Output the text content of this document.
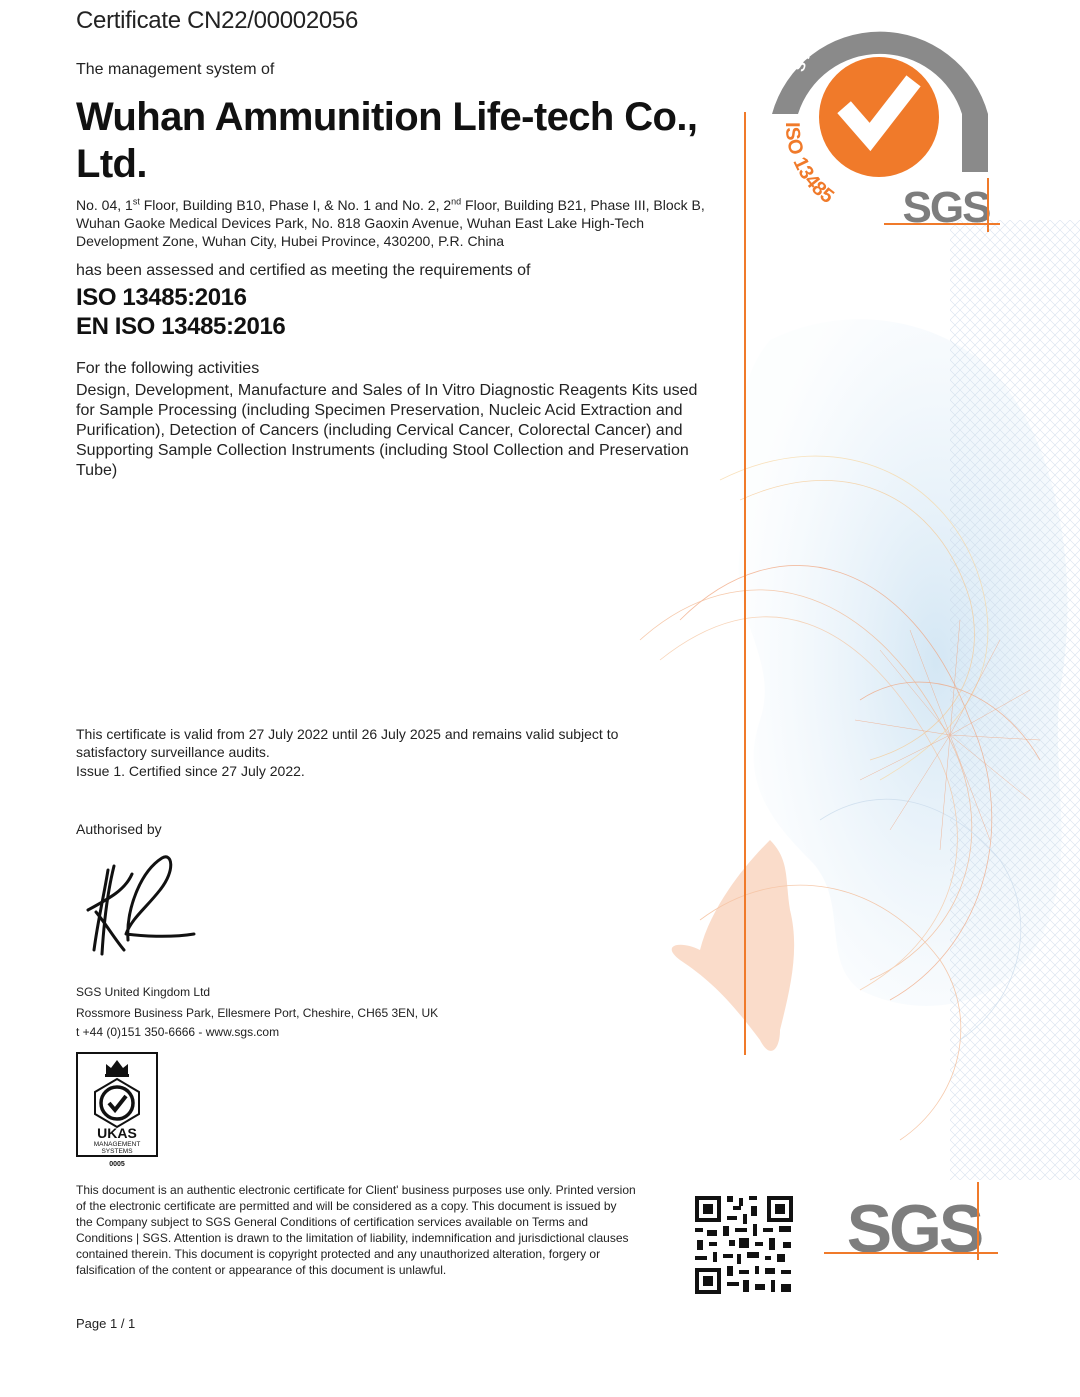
Certificate CN22/00002056
The management system of
Wuhan Ammunition Life-tech Co., Ltd.
No. 04, 1st Floor, Building B10, Phase I, & No. 1 and No. 2, 2nd Floor, Building B21, Phase III, Block B, Wuhan Gaoke Medical Devices Park, No. 818 Gaoxin Avenue, Wuhan East Lake High-Tech Development Zone, Wuhan City, Hubei Province, 430200, P.R. China
has been assessed and certified as meeting the requirements of
ISO 13485:2016
EN ISO 13485:2016
For the following activities
Design, Development, Manufacture and Sales of In Vitro Diagnostic Reagents Kits used for Sample Processing (including Specimen Preservation, Nucleic Acid Extraction and Purification), Detection of Cancers (including Cervical Cancer, Colorectal Cancer) and Supporting Sample Collection Instruments (including Stool Collection and Preservation Tube)
This certificate is valid from 27 July 2022 until 26 July 2025 and remains valid subject to satisfactory surveillance audits.
Issue 1. Certified since 27 July 2022.
Authorised by
SGS United Kingdom Ltd
Rossmore Business Park, Ellesmere Port, Cheshire, CH65 3EN, UK
t +44 (0)151 350-6666 - www.sgs.com
UKAS
MANAGEMENT
SYSTEMS
0005
This document is an authentic electronic certificate for Client' business purposes use only. Printed version of the electronic certificate are permitted and will be considered as a copy. This document is issued by the Company subject to SGS General Conditions of certification services available on Terms and Conditions | SGS. Attention is drawn to the limitation of liability, indemnification and jurisdictional clauses contained therein. This document is copyright protected and any unauthorized alteration, forgery or falsification of the content or appearance of this document is unlawful.
Page 1 / 1
SYSTEM CERTIFICATION
ISO 13485 SGS
SGS
